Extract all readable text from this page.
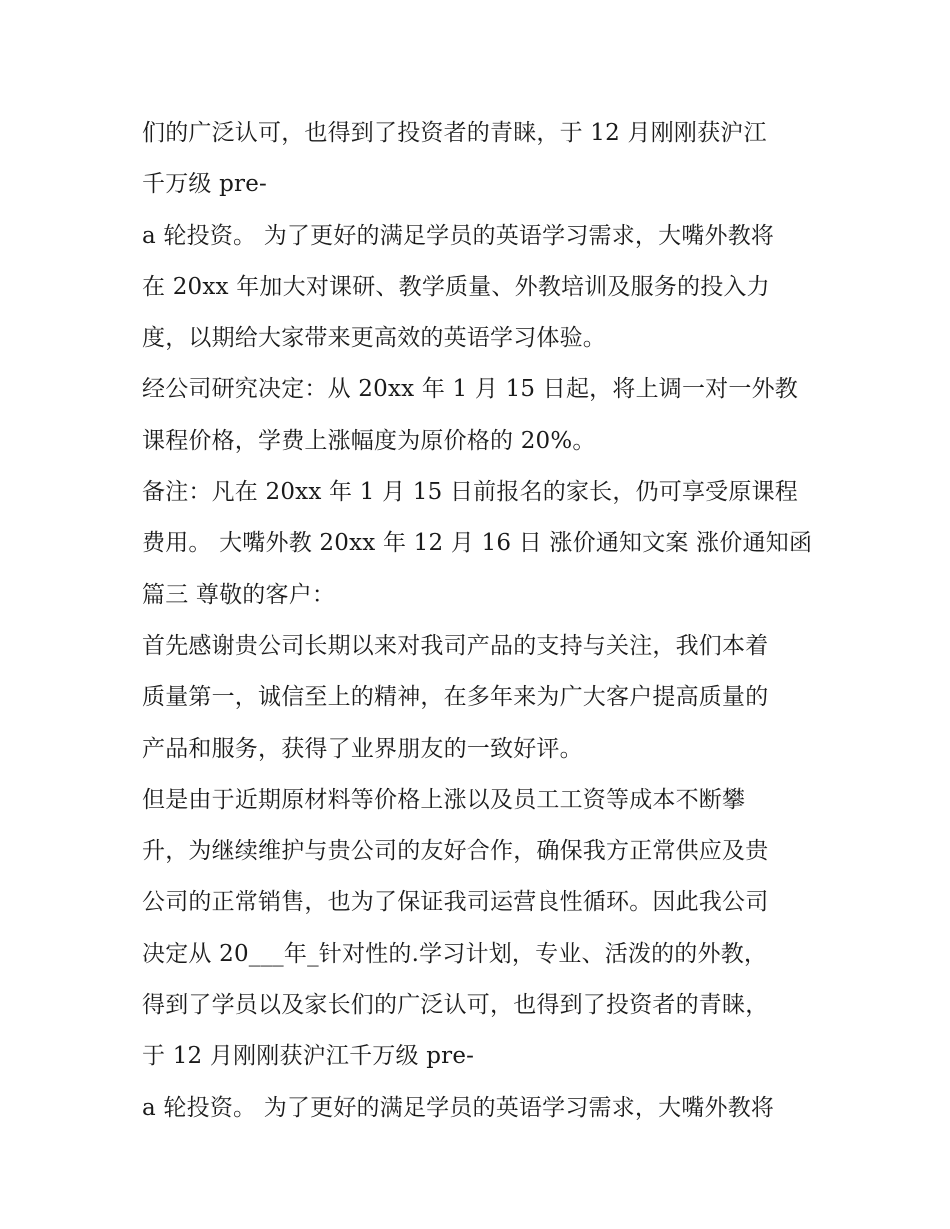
们的广泛认可，也得到了投资者的青睐，于 12 月刚刚获沪江
千万级 pre-
a 轮投资。 为了更好的满足学员的英语学习需求，大嘴外教将
在 20xx 年加大对课研、教学质量、外教培训及服务的投入力
度，以期给大家带来更高效的英语学习体验。
经公司研究决定：从 20xx 年 1 月 15 日起，将上调一对一外教
课程价格，学费上涨幅度为原价格的 20%。
备注：凡在 20xx 年 1 月 15 日前报名的家长，仍可享受原课程
费用。 大嘴外教 20xx 年 12 月 16 日 涨价通知文案 涨价通知函
篇三 尊敬的客户：
首先感谢贵公司长期以来对我司产品的支持与关注，我们本着
质量第一，诚信至上的精神，在多年来为广大客户提高质量的
产品和服务，获得了业界朋友的一致好评。
但是由于近期原材料等价格上涨以及员工工资等成本不断攀
升，为继续维护与贵公司的友好合作，确保我方正常供应及贵
公司的正常销售，也为了保证我司运营良性循环。因此我公司
决定从 20___年_针对性的.学习计划，专业、活泼的的外教，
得到了学员以及家长们的广泛认可，也得到了投资者的青睐，
于 12 月刚刚获沪江千万级 pre-
a 轮投资。 为了更好的满足学员的英语学习需求，大嘴外教将
